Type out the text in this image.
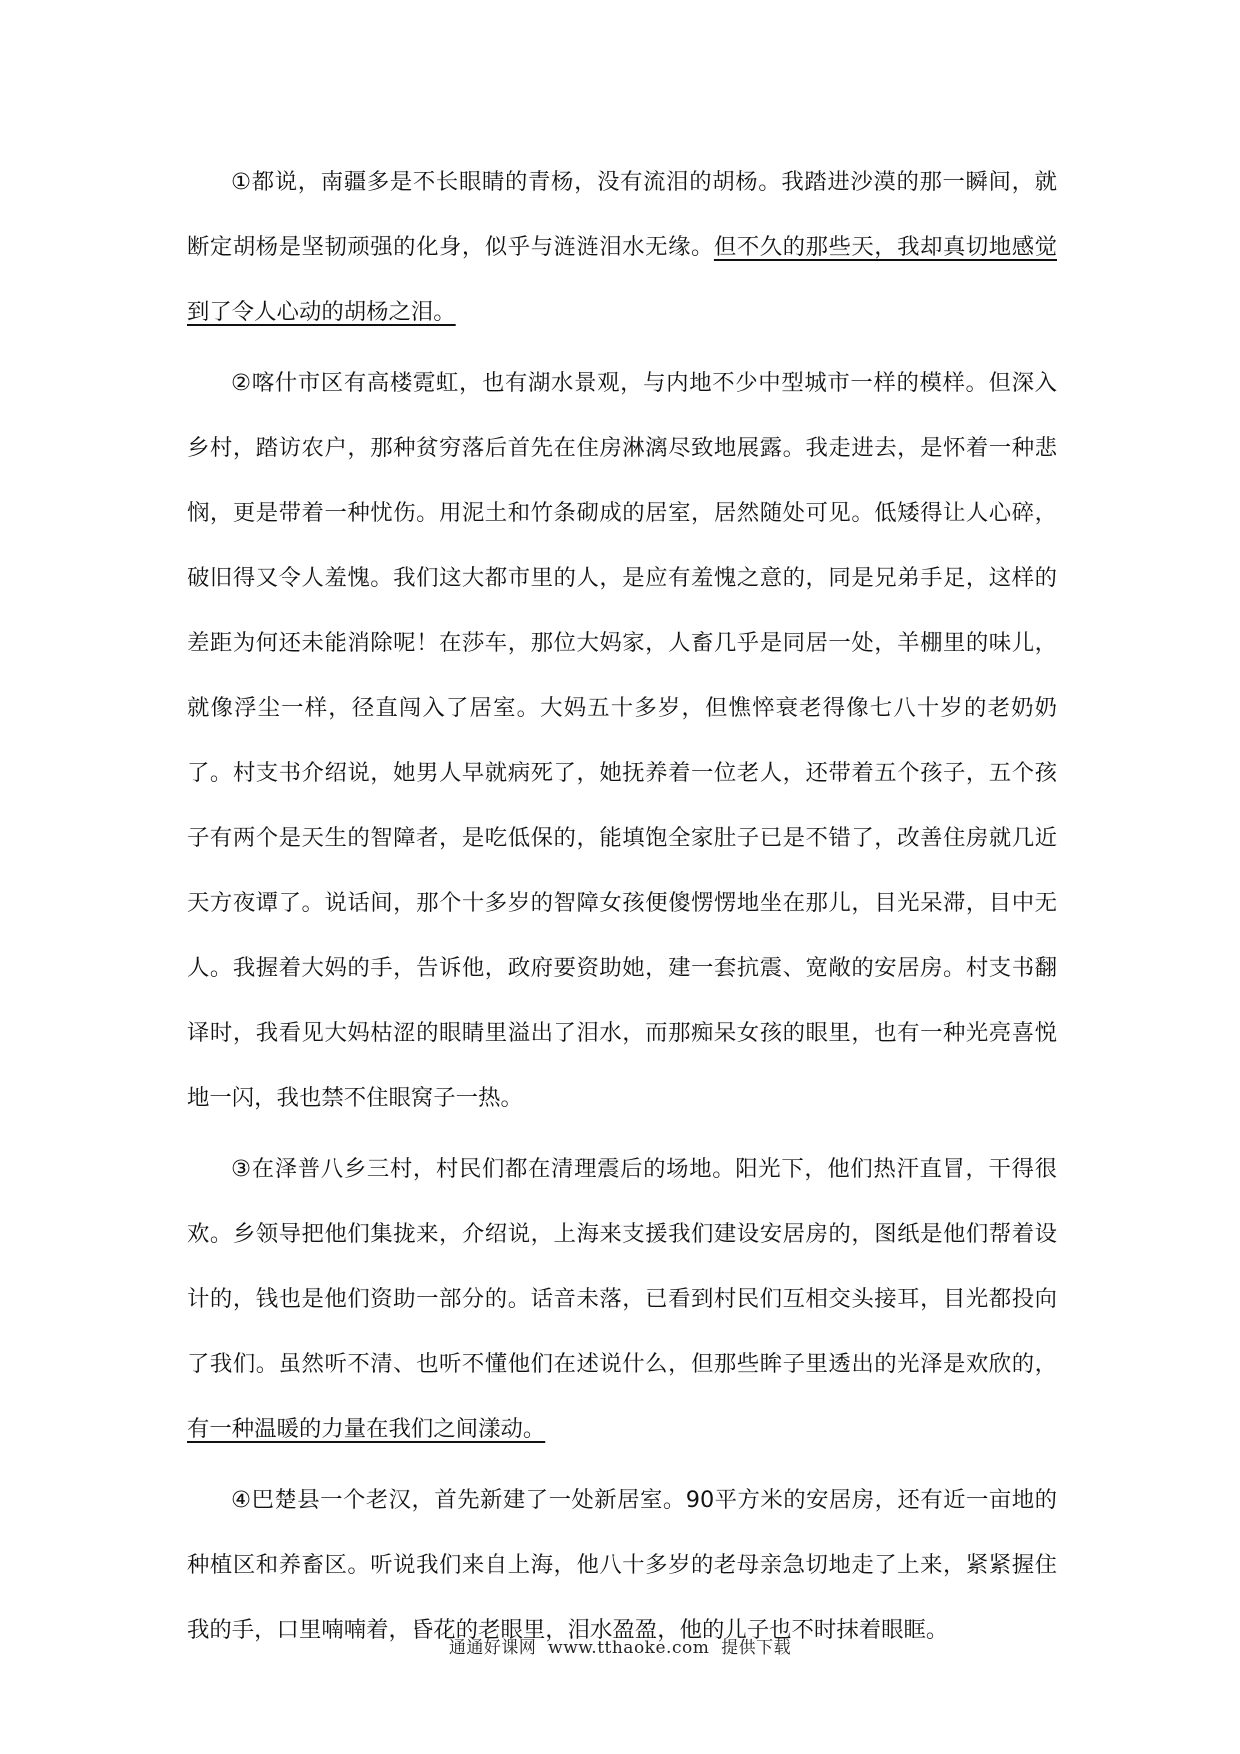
①都说，南疆多是不长眼睛的青杨，没有流泪的胡杨。我踏进沙漠的那一瞬间，就断定胡杨是坚韧顽强的化身，似乎与涟涟泪水无缘。但不久的那些天，我却真切地感觉到了令人心动的胡杨之泪。

②喀什市区有高楼霓虹，也有湖水景观，与内地不少中型城市一样的模样。但深入乡村，踏访农户，那种贫穷落后首先在住房淋漓尽致地展露。我走进去，是怀着一种悲悯，更是带着一种忧伤。用泥土和竹条砌成的居室，居然随处可见。低矮得让人心碎，破旧得又令人羞愧。我们这大都市里的人，是应有羞愧之意的，同是兄弟手足，这样的差距为何还未能消除呢！在莎车，那位大妈家，人畜几乎是同居一处，羊棚里的味儿，就像浮尘一样，径直闯入了居室。大妈五十多岁，但憔悴衰老得像七八十岁的老奶奶了。村支书介绍说，她男人早就病死了，她抚养着一位老人，还带着五个孩子，五个孩子有两个是天生的智障者，是吃低保的，能填饱全家肚子已是不错了，改善住房就几近天方夜谭了。说话间，那个十多岁的智障女孩便傻愣愣地坐在那儿，目光呆滞，目中无人。我握着大妈的手，告诉他，政府要资助她，建一套抗震、宽敞的安居房。村支书翻译时，我看见大妈枯涩的眼睛里溢出了泪水，而那痴呆女孩的眼里，也有一种光亮喜悦地一闪，我也禁不住眼窝子一热。

③在泽普八乡三村，村民们都在清理震后的场地。阳光下，他们热汗直冒，干得很欢。乡领导把他们集拢来，介绍说，上海来支援我们建设安居房的，图纸是他们帮着设计的，钱也是他们资助一部分的。话音未落，已看到村民们互相交头接耳，目光都投向了我们。虽然听不清、也听不懂他们在述说什么，但那些眸子里透出的光泽是欢欣的，有一种温暖的力量在我们之间漾动。

④巴楚县一个老汉，首先新建了一处新居室。90平方米的安居房，还有近一亩地的种植区和养畜区。听说我们来自上海，他八十多岁的老母亲急切地走了上来，紧紧握住我的手，口里喃喃着，昏花的老眼里，泪水盈盈，他的儿子也不时抹着眼眶。

通通好课网 www.tthaoke.com 提供下载
